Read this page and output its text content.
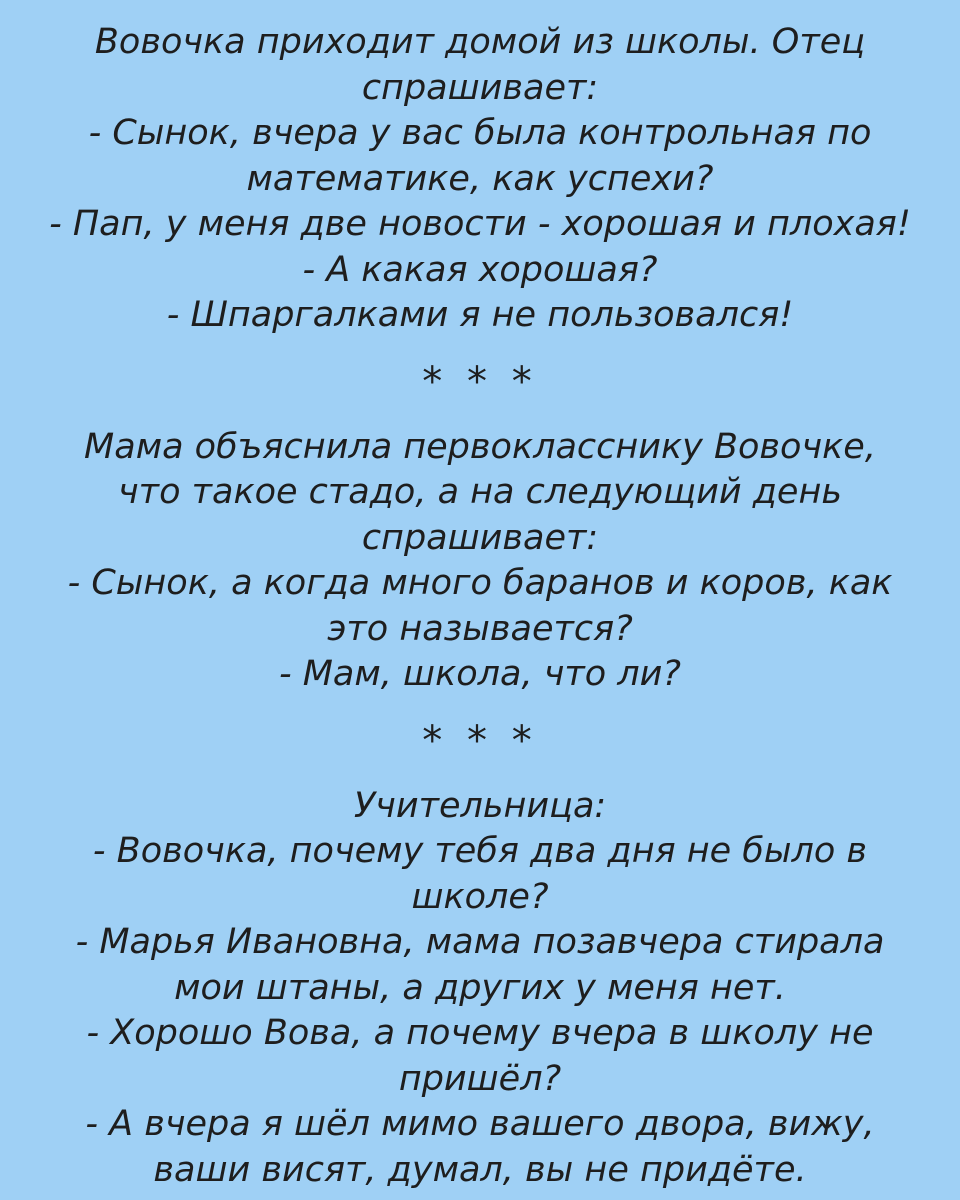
Вовочка приходит домой из школы. Отец
спрашивает:
- Сынок, вчера у вас была контрольная по
математике, как успехи?
- Пап, у меня две новости - хорошая и плохая!
- А какая хорошая?
- Шпаргалками я не пользовался!
* * *
Мама объяснила первокласснику Вовочке,
что такое стадо, а на следующий день
спрашивает:
- Сынок, а когда много баранов и коров, как
это называется?
- Мам, школа, что ли?
* * *
Учительница:
- Вовочка, почему тебя два дня не было в
школе?
- Марья Ивановна, мама позавчера стирала
мои штаны, а других у меня нет.
- Хорошо Вова, а почему вчера в школу не
пришёл?
- А вчера я шёл мимо вашего двора, вижу,
ваши висят, думал, вы не придёте.
